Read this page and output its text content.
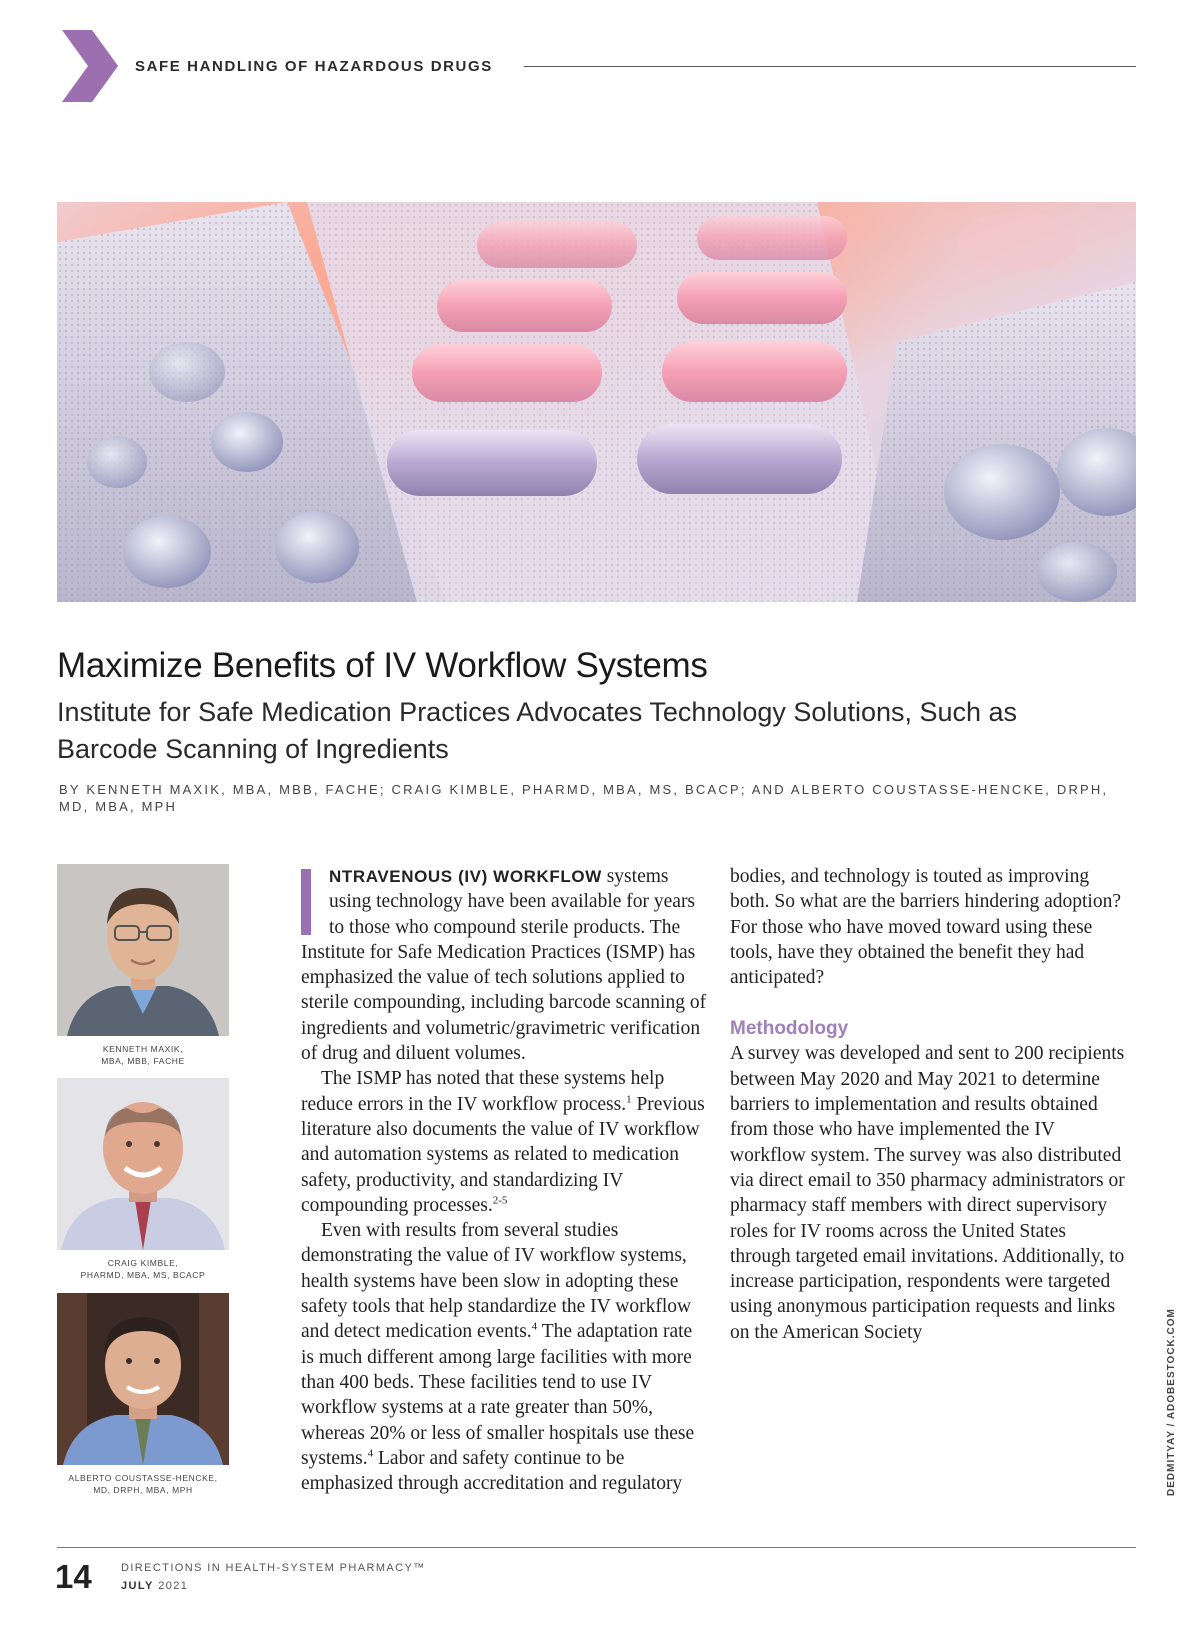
SAFE HANDLING OF HAZARDOUS DRUGS
Maximize Benefits of IV Workflow Systems
Institute for Safe Medication Practices Advocates Technology Solutions, Such as Barcode Scanning of Ingredients
BY KENNETH MAXIK, MBA, MBB, FACHE; CRAIG KIMBLE, PHARMD, MBA, MS, BCACP; AND ALBERTO COUSTASSE-HENCKE, DRPH, MD, MBA, MPH
KENNETH MAXIK,
MBA, MBB, FACHE
CRAIG KIMBLE,
PHARMD, MBA, MS, BCACP
ALBERTO COUSTASSE-HENCKE,
MD, DRPH, MBA, MPH

NTRAVENOUS (IV) WORKFLOW systems using technology have been available for years to those who compound sterile products. The Institute for Safe Medication Practices (ISMP) has emphasized the value of tech solutions applied to sterile compounding, including barcode scanning of ingredients and volumetric/gravimetric verification of drug and diluent volumes.

The ISMP has noted that these systems help reduce errors in the IV workflow process.$^1$ Previous literature also documents the value of IV workflow and automation systems as related to medication safety, productivity, and standardizing IV compounding processes.$^{2-5}$

Even with results from several studies demonstrating the value of IV workflow systems, health systems have been slow in adopting these safety tools that help standardize the IV workflow and detect medication events.$^4$ The adaptation rate is much different among large facilities with more than 400 beds. These facilities tend to use IV workflow systems at a rate greater than 50%, whereas 20% or less of smaller hospitals use these systems.$^4$ Labor and safety continue to be emphasized through accreditation and regulatory

bodies, and technology is touted as improving both. So what are the barriers hindering adoption? For those who have moved toward using these tools, have they obtained the benefit they had anticipated?

Methodology

A survey was developed and sent to 200 recipients between May 2020 and May 2021 to determine barriers to implementation and results obtained from those who have implemented the IV workflow system. The survey was also distributed via direct email to 350 pharmacy administrators or pharmacy staff members with direct supervisory roles for IV rooms across the United States through targeted email invitations. Additionally, to increase participation, respondents were targeted using anonymous participation requests and links on the American Society	DEDMITYAY / ADOBESTOCK.COM
14	DIRECTIONS IN HEALTH-SYSTEM PHARMACY™
JULY 2021
